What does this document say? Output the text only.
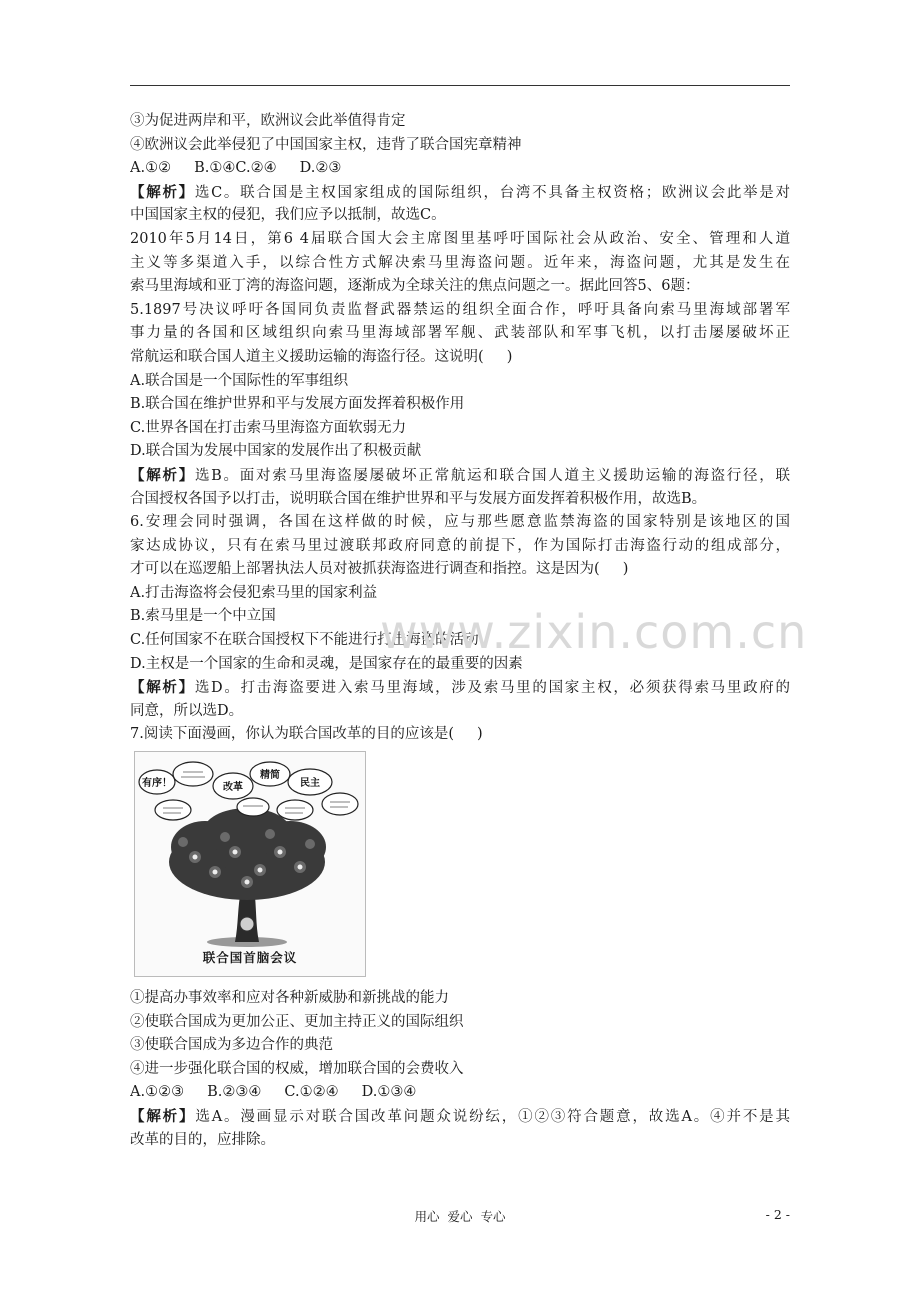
③为促进两岸和平，欧洲议会此举值得肯定
④欧洲议会此举侵犯了中国国家主权，违背了联合国宪章精神
A.①②     B.①④C.②④     D.②③
【解析】选C。联合国是主权国家组成的国际组织，台湾不具备主权资格；欧洲议会此举是对
中国国家主权的侵犯，我们应予以抵制，故选C。
2010年5月14日，第6 4届联合国大会主席图里基呼吁国际社会从政治、安全、管理和人道
主义等多渠道入手，以综合性方式解决索马里海盗问题。近年来，海盗问题，尤其是发生在
索马里海域和亚丁湾的海盗问题，逐渐成为全球关注的焦点问题之一。据此回答5、6题：
5.1897号决议呼吁各国同负责监督武器禁运的组织全面合作，呼吁具备向索马里海域部署军
事力量的各国和区域组织向索马里海域部署军舰、武装部队和军事飞机，以打击屡屡破坏正
常航运和联合国人道主义援助运输的海盗行径。这说明(     )
A.联合国是一个国际性的军事组织
B.联合国在维护世界和平与发展方面发挥着积极作用
C.世界各国在打击索马里海盗方面软弱无力
D.联合国为发展中国家的发展作出了积极贡献
【解析】选B。面对索马里海盗屡屡破坏正常航运和联合国人道主义援助运输的海盗行径，联
合国授权各国予以打击，说明联合国在维护世界和平与发展方面发挥着积极作用，故选B。
6.安理会同时强调，各国在这样做的时候，应与那些愿意监禁海盗的国家特别是该地区的国
家达成协议，只有在索马里过渡联邦政府同意的前提下，作为国际打击海盗行动的组成部分，
才可以在巡逻船上部署执法人员对被抓获海盗进行调查和指控。这是因为(     )
A.打击海盗将会侵犯索马里的国家利益
B.索马里是一个中立国
C.任何国家不在联合国授权下不能进行打击海盗的活动
D.主权是一个国家的生命和灵魂，是国家存在的最重要的因素
【解析】选D。打击海盗要进入索马里海域，涉及索马里的国家主权，必须获得索马里政府的
同意，所以选D。
7.阅读下面漫画，你认为联合国改革的目的应该是(     )
有序！	改革
精简
民主
联合国首脑会议
①提高办事效率和应对各种新威胁和新挑战的能力
②使联合国成为更加公正、更加主持正义的国际组织
③使联合国成为多边合作的典范
④进一步强化联合国的权威，增加联合国的会费收入
A.①②③     B.②③④     C.①②④     D.①③④
【解析】选A。漫画显示对联合国改革问题众说纷纭，①②③符合题意，故选A。④并不是其
改革的目的，应排除。
www.zixin.com.cn
用心  爱心  专心	- 2 -
